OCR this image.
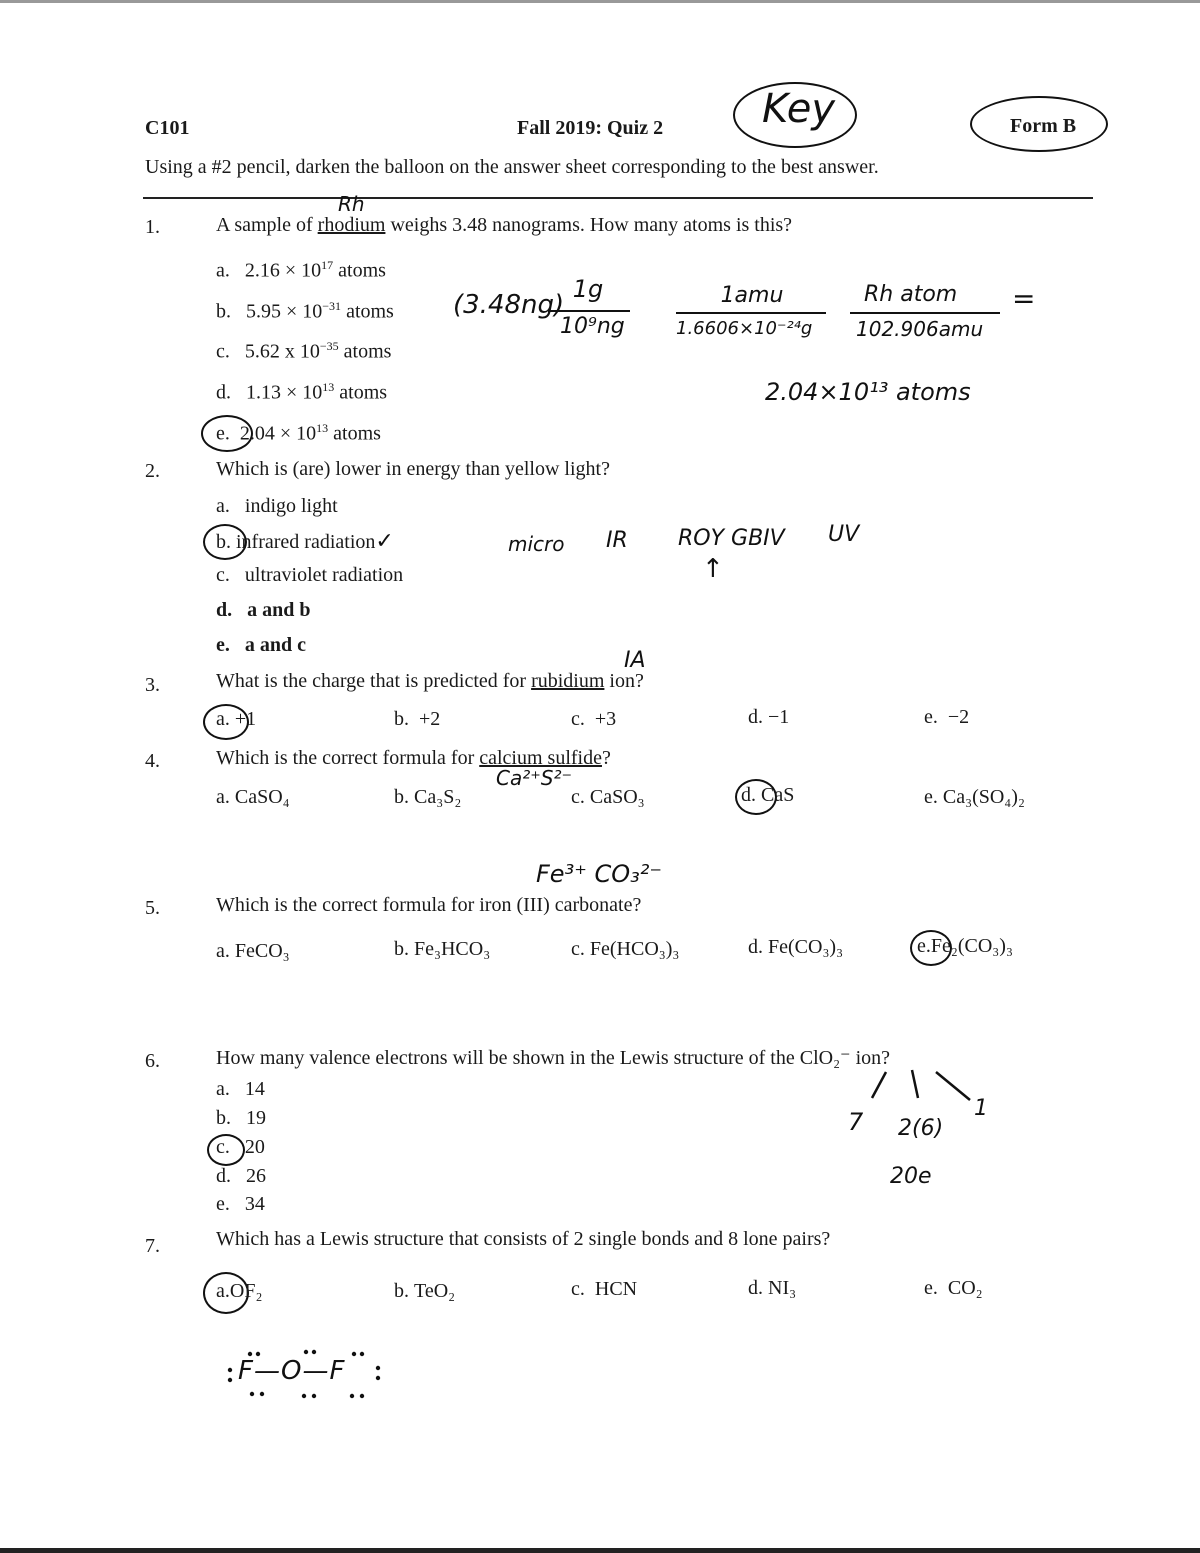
C101	Fall 2019: Quiz 2 Key	Form B
Using a #2 pencil, darken the balloon on the answer sheet corresponding to the best answer.
1.	A sample of rhodium weighs 3.48 nanograms. How many atoms is this?
Rh
a. $2.16 \times 10^{17}$ atoms
b. $5.95 \times 10^{-31}$ atoms
c. 5.62 x $10^{-35}$ atoms
d. $1.13 \times 10^{13}$ atoms
e. $2.04 \times 10^{13}$ atoms
(3.48ng)
1g
10⁹ng
1amu
1.6606×10⁻²⁴g
Rh atom
102.906amu
=
2.04×10¹³ atoms
2.	Which is (are) lower in energy than yellow light?
a. indigo light
b. infrared radiation✓
c. ultraviolet radiation
d. a and b
e. a and c
micro IR ROY GBIV UV
↑
3.	What is the charge that is predicted for rubidium ion?
IA
a. +1	b. +2	c. +3	d. −1	e. −2
4.	Which is the correct formula for calcium sulfide?
Ca²⁺S²⁻
a. CaSO₄	b. Ca₃S₂	c. CaSO₃	d. CaS	e. Ca₃(SO₄)₂
Fe³⁺ CO₃²⁻
5.	Which is the correct formula for iron (III) carbonate?
a. FeCO₃	b. Fe₃HCO₃	c. Fe(HCO₃)₃	d. Fe(CO₃)₃	e.Fe₂(CO₃)₃
6.	How many valence electrons will be shown in the Lewis structure of the ClO₂⁻ ion?
a. 14
b. 19
c. 20
d. 26
e. 34
7 2(6)
1
20e
7.	Which has a Lewis structure that consists of 2 single bonds and 8 lone pairs?
a.OF₂	b. TeO₂	c. HCN	d. NI₃	e. CO₂
F—O—F
